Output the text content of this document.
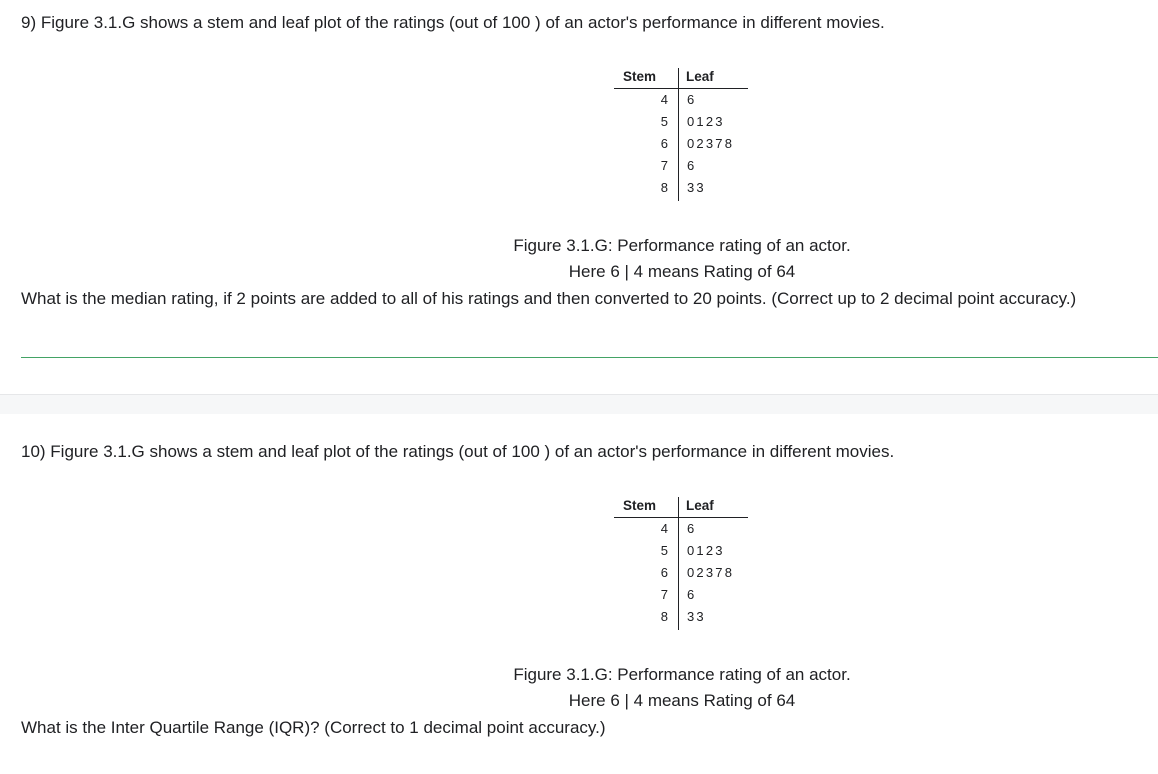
9) Figure 3.1.G shows a stem and leaf plot of the ratings (out of 100 ) of an actor's performance in different movies.
Stem Leaf
4 6
5 0123
6 02378
7 6
8 33
Figure 3.1.G: Performance rating of an actor.
Here 6 | 4 means Rating of 64
What is the median rating, if 2 points are added to all of his ratings and then converted to 20 points. (Correct up to 2 decimal point accuracy.)
10) Figure 3.1.G shows a stem and leaf plot of the ratings (out of 100 ) of an actor's performance in different movies.
Stem Leaf
4 6
5 0123
6 02378
7 6
8 33
Figure 3.1.G: Performance rating of an actor.
Here 6 | 4 means Rating of 64
What is the Inter Quartile Range (IQR)? (Correct to 1 decimal point accuracy.)
